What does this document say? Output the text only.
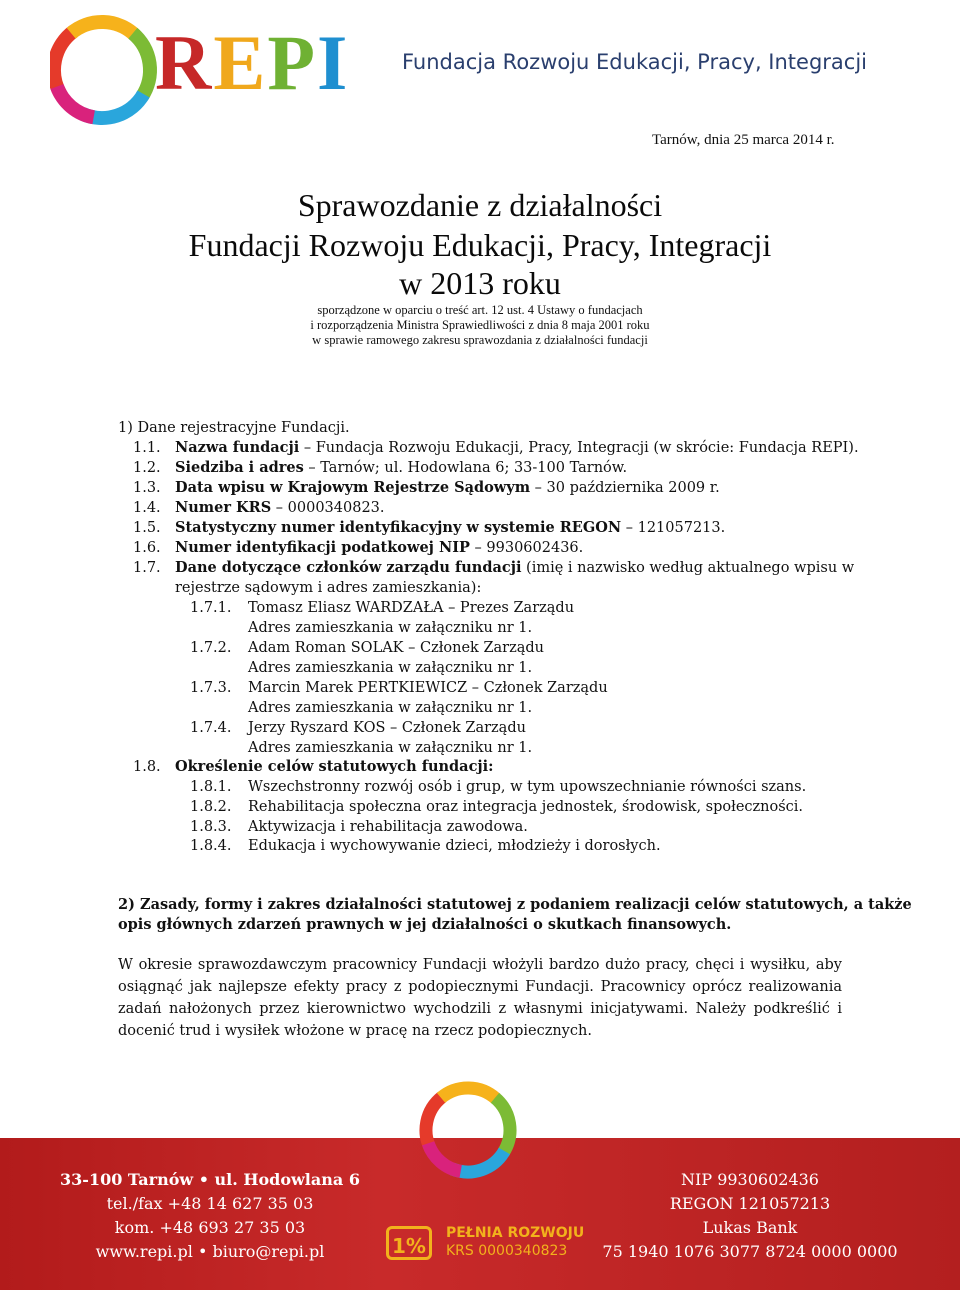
REPI	Fundacja Rozwoju Edukacji, Pracy, Integracji
Tarnów, dnia 25 marca 2014 r.
Sprawozdanie z działalności
Fundacji Rozwoju Edukacji, Pracy, Integracji
w 2013 roku
sporządzone w oparciu o treść art. 12 ust. 4 Ustawy o fundacjach
i rozporządzenia Ministra Sprawiedliwości z dnia 8 maja 2001 roku
w sprawie ramowego zakresu sprawozdania z działalności fundacji
1) Dane rejestracyjne Fundacji.
1.1. Nazwa fundacji – Fundacja Rozwoju Edukacji, Pracy, Integracji (w skrócie: Fundacja REPI).
1.2. Siedziba i adres – Tarnów; ul. Hodowlana 6; 33-100 Tarnów.
1.3. Data wpisu w Krajowym Rejestrze Sądowym – 30 października 2009 r.
1.4. Numer KRS – 0000340823.
1.5. Statystyczny numer identyfikacyjny w systemie REGON – 121057213.
1.6. Numer identyfikacji podatkowej NIP – 9930602436.
1.7. Dane dotyczące członków zarządu fundacji (imię i nazwisko według aktualnego wpisu w
rejestrze sądowym i adres zamieszkania):
1.7.1. Tomasz Eliasz WARDZAŁA – Prezes Zarządu
Adres zamieszkania w załączniku nr 1.
1.7.2. Adam Roman SOLAK – Członek Zarządu
Adres zamieszkania w załączniku nr 1.
1.7.3. Marcin Marek PERTKIEWICZ – Członek Zarządu
Adres zamieszkania w załączniku nr 1.
1.7.4. Jerzy Ryszard KOS – Członek Zarządu
Adres zamieszkania w załączniku nr 1.
1.8. Określenie celów statutowych fundacji:
1.8.1. Wszechstronny rozwój osób i grup, w tym upowszechnianie równości szans.
1.8.2. Rehabilitacja społeczna oraz integracja jednostek, środowisk, społeczności.
1.8.3. Aktywizacja i rehabilitacja zawodowa.
1.8.4. Edukacja i wychowywanie dzieci, młodzieży i dorosłych.
2) Zasady, formy i zakres działalności statutowej z podaniem realizacji celów statutowych, a także
opis głównych zdarzeń prawnych w jej działalności o skutkach finansowych.
W okresie sprawozdawczym pracownicy Fundacji włożyli bardzo dużo pracy, chęci i wysiłku, aby osiągnąć jak najlepsze efekty pracy z podopiecznymi Fundacji. Pracownicy oprócz realizowania zadań nałożonych przez kierownictwo wychodzili z własnymi inicjatywami. Należy podkreślić i docenić trud i wysiłek włożone w pracę na rzecz podopiecznych.
33-100 Tarnów • ul. Hodowlana 6
tel./fax +48 14 627 35 03
kom. +48 693 27 35 03
www.repi.pl • biuro@repi.pl	1%
PEŁNIA ROZWOJU
KRS 0000340823
NIP 9930602436
REGON 121057213
Lukas Bank
75 1940 1076 3077 8724 0000 0000
